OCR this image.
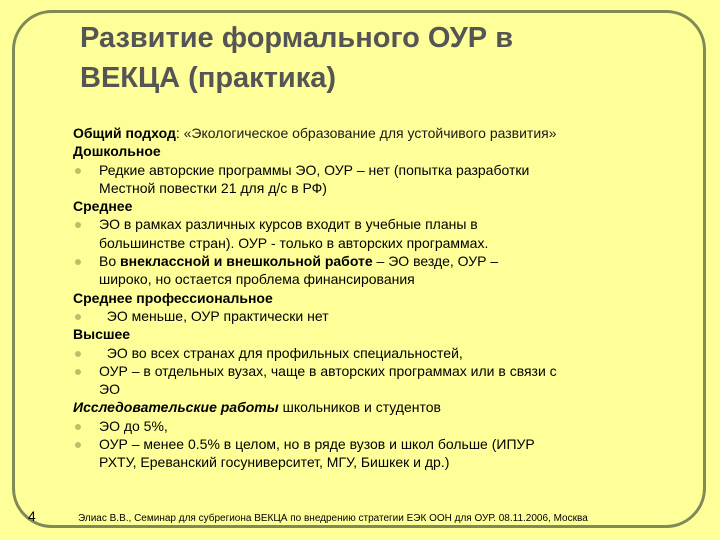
Развитие формального ОУР в
ВЕКЦА (практика)
Общий подход: «Экологическое образование для устойчивого развития»
Дошкольное
Редкие авторские программы ЭО, ОУР – нет (попытка разработки
Местной повестки 21 для д/с в РФ)
Среднее
ЭО в рамках различных курсов входит в учебные планы в
большинстве стран). ОУР - только в авторских программах.
Во внеклассной и внешкольной работе – ЭО везде, ОУР –
широко, но остается проблема финансирования
Среднее профессиональное
ЭО меньше, ОУР практически нет
Высшее
ЭО во всех странах для профильных специальностей,
ОУР – в отдельных вузах, чаще в авторских программах или в связи с
ЭО
Исследовательские работы школьников и студентов
ЭО до 5%,
ОУР – менее 0.5% в целом, но в ряде вузов и школ больше (ИПУР
РХТУ, Ереванский госуниверситет, МГУ, Бишкек и др.)
4	Элиас В.В., Семинар для субрегиона ВЕКЦА по внедрению стратегии ЕЭК ООН для ОУР. 08.11.2006, Москва
